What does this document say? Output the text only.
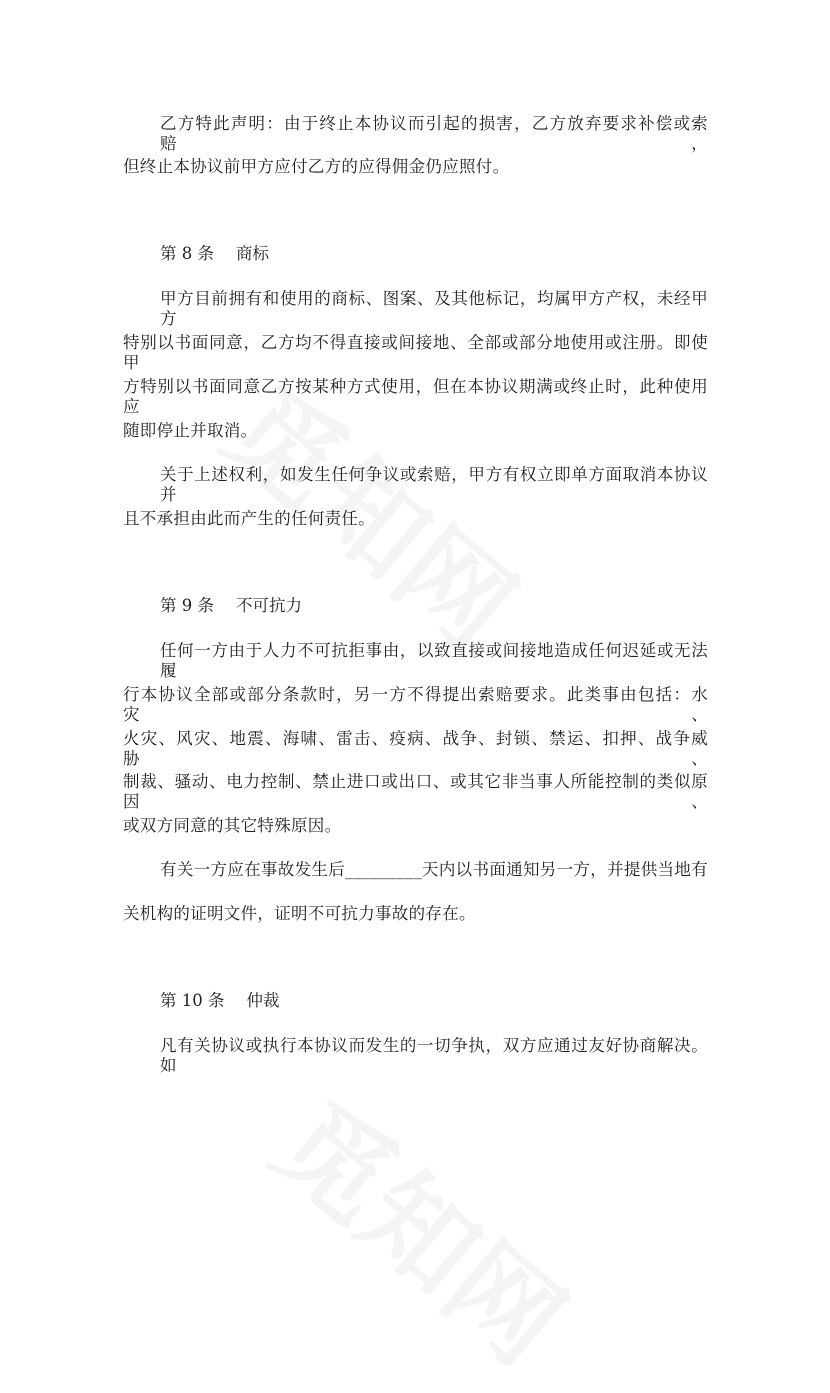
乙方特此声明：由于终止本协议而引起的损害，乙方放弃要求补偿或索赔，
但终止本协议前甲方应付乙方的应得佣金仍应照付。
第 8 条 商标
甲方目前拥有和使用的商标、图案、及其他标记，均属甲方产权，未经甲方
特别以书面同意，乙方均不得直接或间接地、全部或部分地使用或注册。即使甲
方特别以书面同意乙方按某种方式使用，但在本协议期满或终止时，此种使用应
随即停止并取消。
关于上述权利，如发生任何争议或索赔，甲方有权立即单方面取消本协议并
且不承担由此而产生的任何责任。
第 9 条 不可抗力
任何一方由于人力不可抗拒事由，以致直接或间接地造成任何迟延或无法履
行本协议全部或部分条款时，另一方不得提出索赔要求。此类事由包括：水灾、
火灾、风灾、地震、海啸、雷击、疫病、战争、封锁、禁运、扣押、战争威胁、
制裁、骚动、电力控制、禁止进口或出口、或其它非当事人所能控制的类似原因、
或双方同意的其它特殊原因。
有关一方应在事故发生后_________天内以书面通知另一方，并提供当地有
关机构的证明文件，证明不可抗力事故的存在。
第 10 条 仲裁
凡有关协议或执行本协议而发生的一切争执，双方应通过友好协商解决。如
